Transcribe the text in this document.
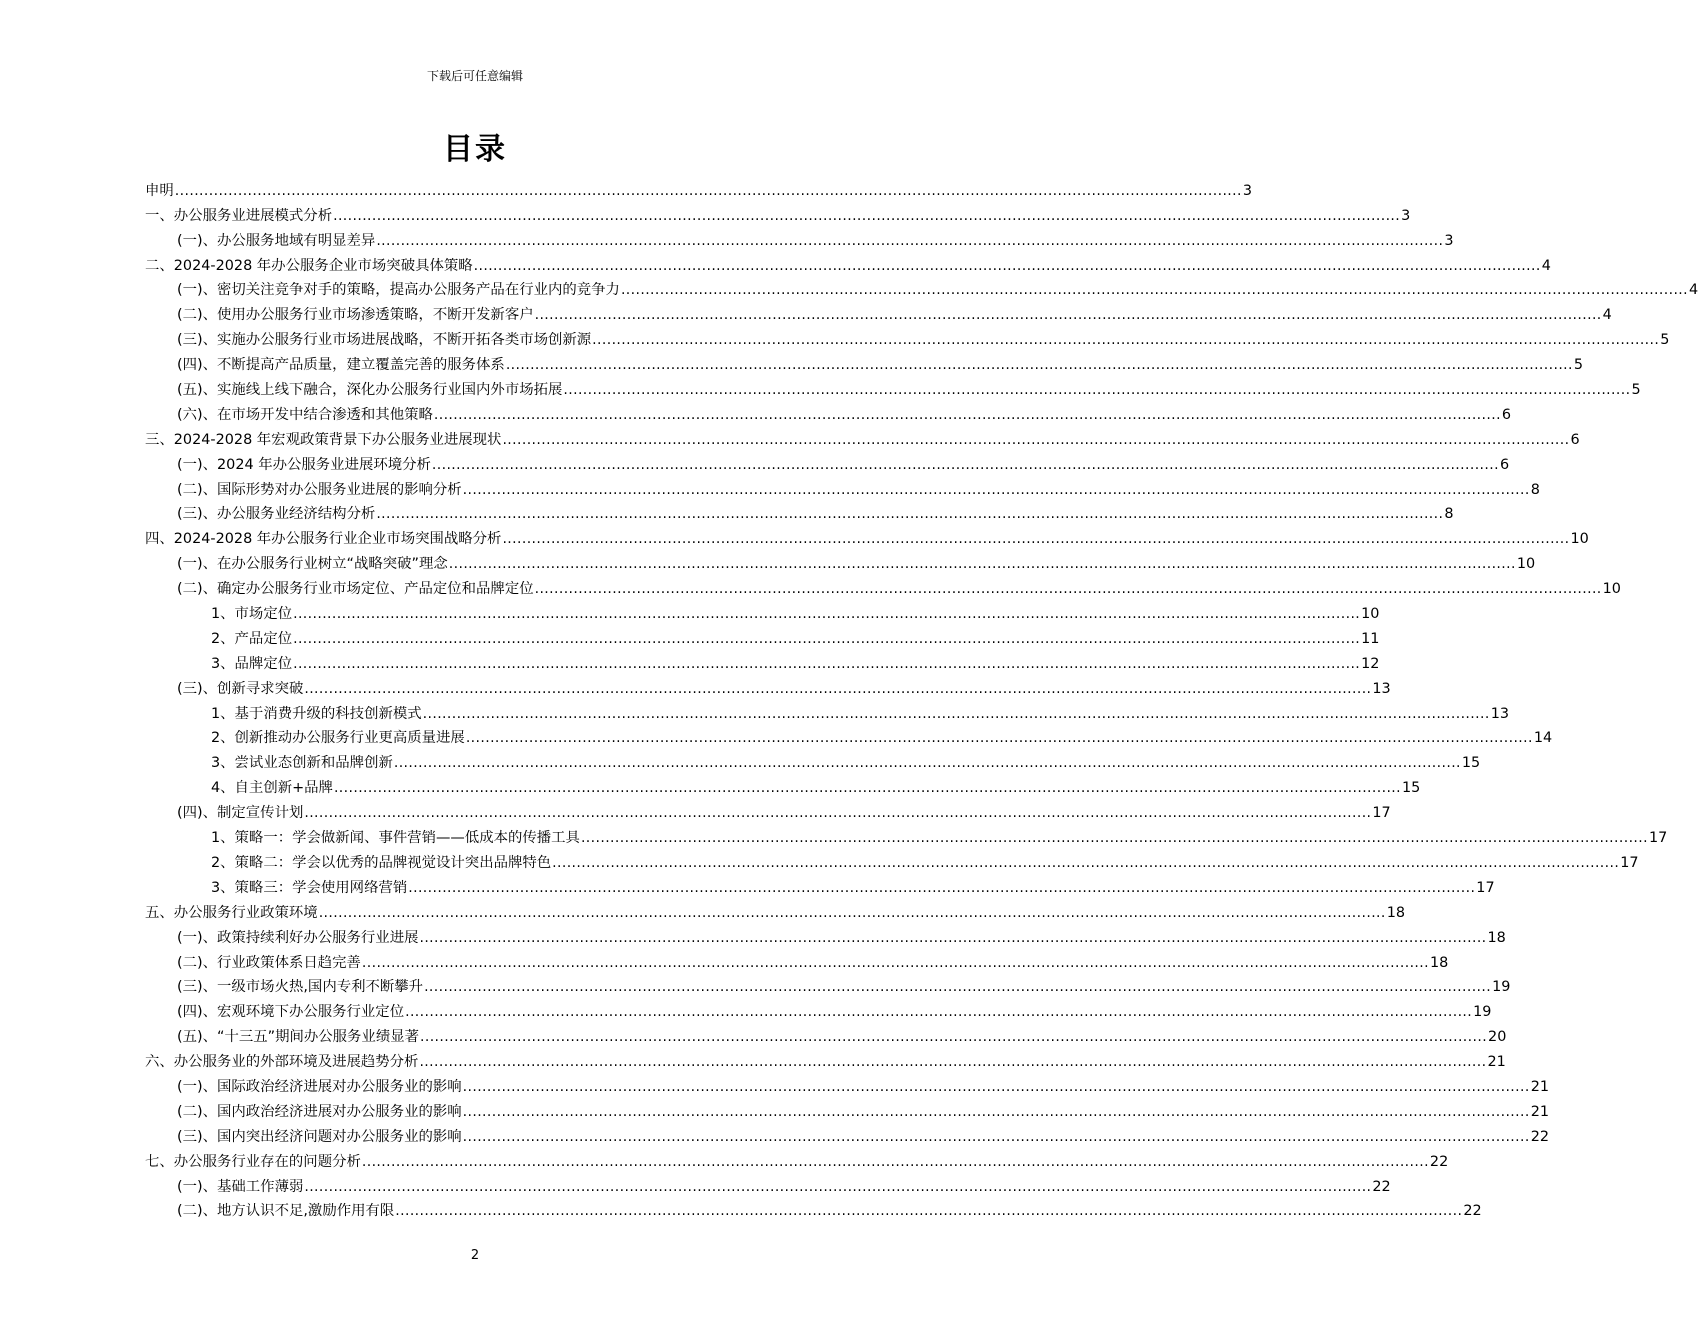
下载后可任意编辑
目录
申明 ............................................................................................................................................................................................................................ 3
一、办公服务业进展模式分析 ............................................................................................................................................................................................................................ 3
(一)、办公服务地域有明显差异 ............................................................................................................................................................................................................................ 3
二、2024-2028 年办公服务企业市场突破具体策略 ............................................................................................................................................................................................................................ 4
(一)、密切关注竞争对手的策略，提高办公服务产品在行业内的竞争力 ............................................................................................................................................................................................................................ 4
(二)、使用办公服务行业市场渗透策略，不断开发新客户 ............................................................................................................................................................................................................................ 4
(三)、实施办公服务行业市场进展战略，不断开拓各类市场创新源 ............................................................................................................................................................................................................................ 5
(四)、不断提高产品质量，建立覆盖完善的服务体系 ............................................................................................................................................................................................................................ 5
(五)、实施线上线下融合，深化办公服务行业国内外市场拓展 ............................................................................................................................................................................................................................ 5
(六)、在市场开发中结合渗透和其他策略 ............................................................................................................................................................................................................................ 6
三、2024-2028 年宏观政策背景下办公服务业进展现状 ............................................................................................................................................................................................................................ 6
(一)、2024 年办公服务业进展环境分析 ............................................................................................................................................................................................................................ 6
(二)、国际形势对办公服务业进展的影响分析 ............................................................................................................................................................................................................................ 8
(三)、办公服务业经济结构分析 ............................................................................................................................................................................................................................ 8
四、2024-2028 年办公服务行业企业市场突围战略分析 ............................................................................................................................................................................................................................ 10
(一)、在办公服务行业树立“战略突破”理念 ............................................................................................................................................................................................................................ 10
(二)、确定办公服务行业市场定位、产品定位和品牌定位 ............................................................................................................................................................................................................................ 10
1、市场定位 ............................................................................................................................................................................................................................ 10
2、产品定位 ............................................................................................................................................................................................................................ 11
3、品牌定位 ............................................................................................................................................................................................................................ 12
(三)、创新寻求突破 ............................................................................................................................................................................................................................ 13
1、基于消费升级的科技创新模式 ............................................................................................................................................................................................................................ 13
2、创新推动办公服务行业更高质量进展 ............................................................................................................................................................................................................................ 14
3、尝试业态创新和品牌创新 ............................................................................................................................................................................................................................ 15
4、自主创新+品牌 ............................................................................................................................................................................................................................ 15
(四)、制定宣传计划 ............................................................................................................................................................................................................................ 17
1、策略一：学会做新闻、事件营销——低成本的传播工具 ............................................................................................................................................................................................................................ 17
2、策略二：学会以优秀的品牌视觉设计突出品牌特色 ............................................................................................................................................................................................................................ 17
3、策略三：学会使用网络营销 ............................................................................................................................................................................................................................ 17
五、办公服务行业政策环境 ............................................................................................................................................................................................................................ 18
(一)、政策持续利好办公服务行业进展 ............................................................................................................................................................................................................................ 18
(二)、行业政策体系日趋完善 ............................................................................................................................................................................................................................ 18
(三)、一级市场火热,国内专利不断攀升 ............................................................................................................................................................................................................................ 19
(四)、宏观环境下办公服务行业定位 ............................................................................................................................................................................................................................ 19
(五)、“十三五”期间办公服务业绩显著 ............................................................................................................................................................................................................................ 20
六、办公服务业的外部环境及进展趋势分析 ............................................................................................................................................................................................................................ 21
(一)、国际政治经济进展对办公服务业的影响 ............................................................................................................................................................................................................................ 21
(二)、国内政治经济进展对办公服务业的影响 ............................................................................................................................................................................................................................ 21
(三)、国内突出经济问题对办公服务业的影响 ............................................................................................................................................................................................................................ 22
七、办公服务行业存在的问题分析 ............................................................................................................................................................................................................................ 22
(一)、基础工作薄弱 ............................................................................................................................................................................................................................ 22
(二)、地方认识不足,激励作用有限 ............................................................................................................................................................................................................................ 22
2
